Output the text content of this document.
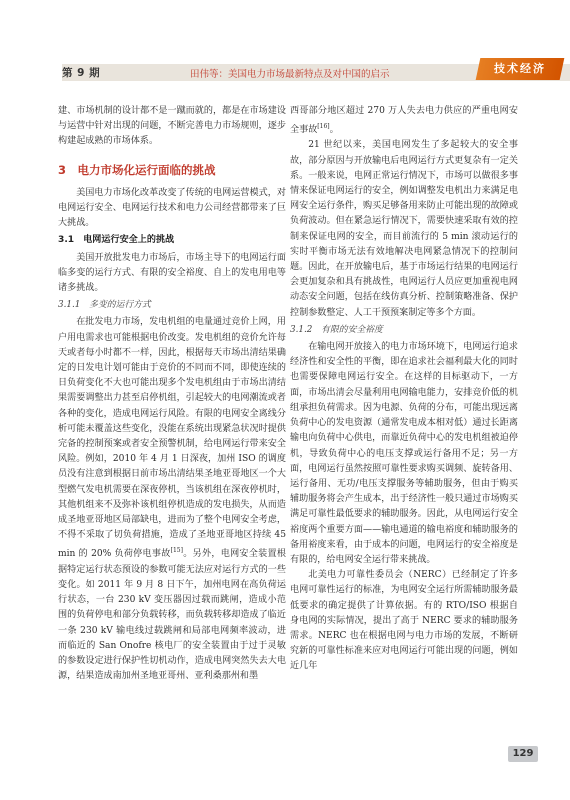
第 9 期	田伟等：美国电力市场最新特点及对中国的启示	技术经济

建、市场机制的设计都不是一蹴而就的，都是在市场建设与运营中针对出现的问题，不断完善电力市场规则，逐步构建起成熟的市场体系。

3　电力市场化运行面临的挑战

美国电力市场化改革改变了传统的电网运营模式，对电网运行安全、电网运行技术和电力公司经营都带来了巨大挑战。

3.1　电网运行安全上的挑战

美国开放批发电力市场后，市场主导下的电网运行面临多变的运行方式、有限的安全裕度、自上的发电用电等诸多挑战。

3.1.1　多变的运行方式

在批发电力市场，发电机组的电量通过竞价上网，用户用电需求也可能根据电价改变。发电机组的竞价允许每天或者每小时都不一样，因此，根据每天市场出清结果确定的日发电计划可能由于竞价的不同而不同，即使连续的日负荷变化不大也可能出现多个发电机组由于市场出清结果需要调整出力甚至启停机组，引起较大的电网潮流或者各种的变化，造成电网运行风险。有限的电网安全离线分析可能未覆盖这些变化，没能在系统出现紧急状况时提供完备的控制预案或者安全预警机制，给电网运行带来安全风险。例如，2010 年 4 月 1 日深夜，加州 ISO 的调度员没有注意到根据日前市场出清结果圣地亚哥地区一个大型燃气发电机需要在深夜停机，当该机组在深夜停机时，其他机组来不及弥补该机组停机造成的发电损失，从而造成圣地亚哥地区局部缺电，进而为了整个电网安全考虑，不得不采取了切负荷措施，造成了圣地亚哥地区持续 45 min 的 20% 负荷停电事故[15]。另外，电网安全装置根据特定运行状态预设的参数可能无法应对运行方式的一些变化。如 2011 年 9 月 8 日下午，加州电网在高负荷运行状态，一台 230 kV 变压器因过载而跳闸，造成小范围的负荷停电和部分负载转移，而负载转移却造成了临近一条 230 kV 输电线过载跳闸和局部电网频率波动，进而临近的 San Onofre 核电厂的安全装置由于过于灵敏的参数设定进行保护性切机动作，造成电网突然失去大电源，结果造成南加州圣地亚哥州、亚利桑那州和墨

西哥部分地区超过 270 万人失去电力供应的严重电网安全事故[16]。

21 世纪以来，美国电网发生了多起较大的安全事故，部分原因与开放输电后电网运行方式更复杂有一定关系。一般来说，电网正常运行情况下，市场可以做很多事情来保证电网运行的安全，例如调整发电机出力来满足电网安全运行条件，购买足够备用来防止可能出现的故障或负荷波动。但在紧急运行情况下，需要快速采取有效的控制来保证电网的安全，而目前流行的 5 min 滚动运行的实时平衡市场无法有效地解决电网紧急情况下的控制问题。因此，在开放输电后，基于市场运行结果的电网运行会更加复杂和具有挑战性，电网运行人员应更加重视电网动态安全问题，包括在线仿真分析、控制策略准备、保护控制参数整定、人工干预预案制定等多个方面。

3.1.2　有限的安全裕度

在输电网开放接入的电力市场环境下，电网运行追求经济性和安全性的平衡，即在追求社会福利最大化的同时也需要保障电网运行安全。在这样的目标驱动下，一方面，市场出清会尽量利用电网输电能力，安排竞价低的机组承担负荷需求。因为电源、负荷的分布，可能出现远离负荷中心的发电资源（通常发电成本相对低）通过长距离输电向负荷中心供电，而靠近负荷中心的发电机组被迫停机，导致负荷中心的电压支撑或运行备用不足；另一方面，电网运行虽然按照可靠性要求购买调频、旋转备用、运行备用、无功/电压支撑服务等辅助服务，但由于购买辅助服务将会产生成本，出于经济性一般只通过市场购买满足可靠性最低要求的辅助服务。因此，从电网运行安全裕度两个重要方面——输电通道的输电裕度和辅助服务的备用裕度来看，由于成本的问题，电网运行的安全裕度是有限的，给电网安全运行带来挑战。

北美电力可靠性委员会（NERC）已经制定了许多电网可靠性运行的标准，为电网安全运行所需辅助服务最低要求的确定提供了计算依据。有的 RTO/ISO 根据自身电网的实际情况，提出了高于 NERC 要求的辅助服务需求。NERC 也在根据电网与电力市场的发展，不断研究新的可靠性标准来应对电网运行可能出现的问题，例如近几年

129
